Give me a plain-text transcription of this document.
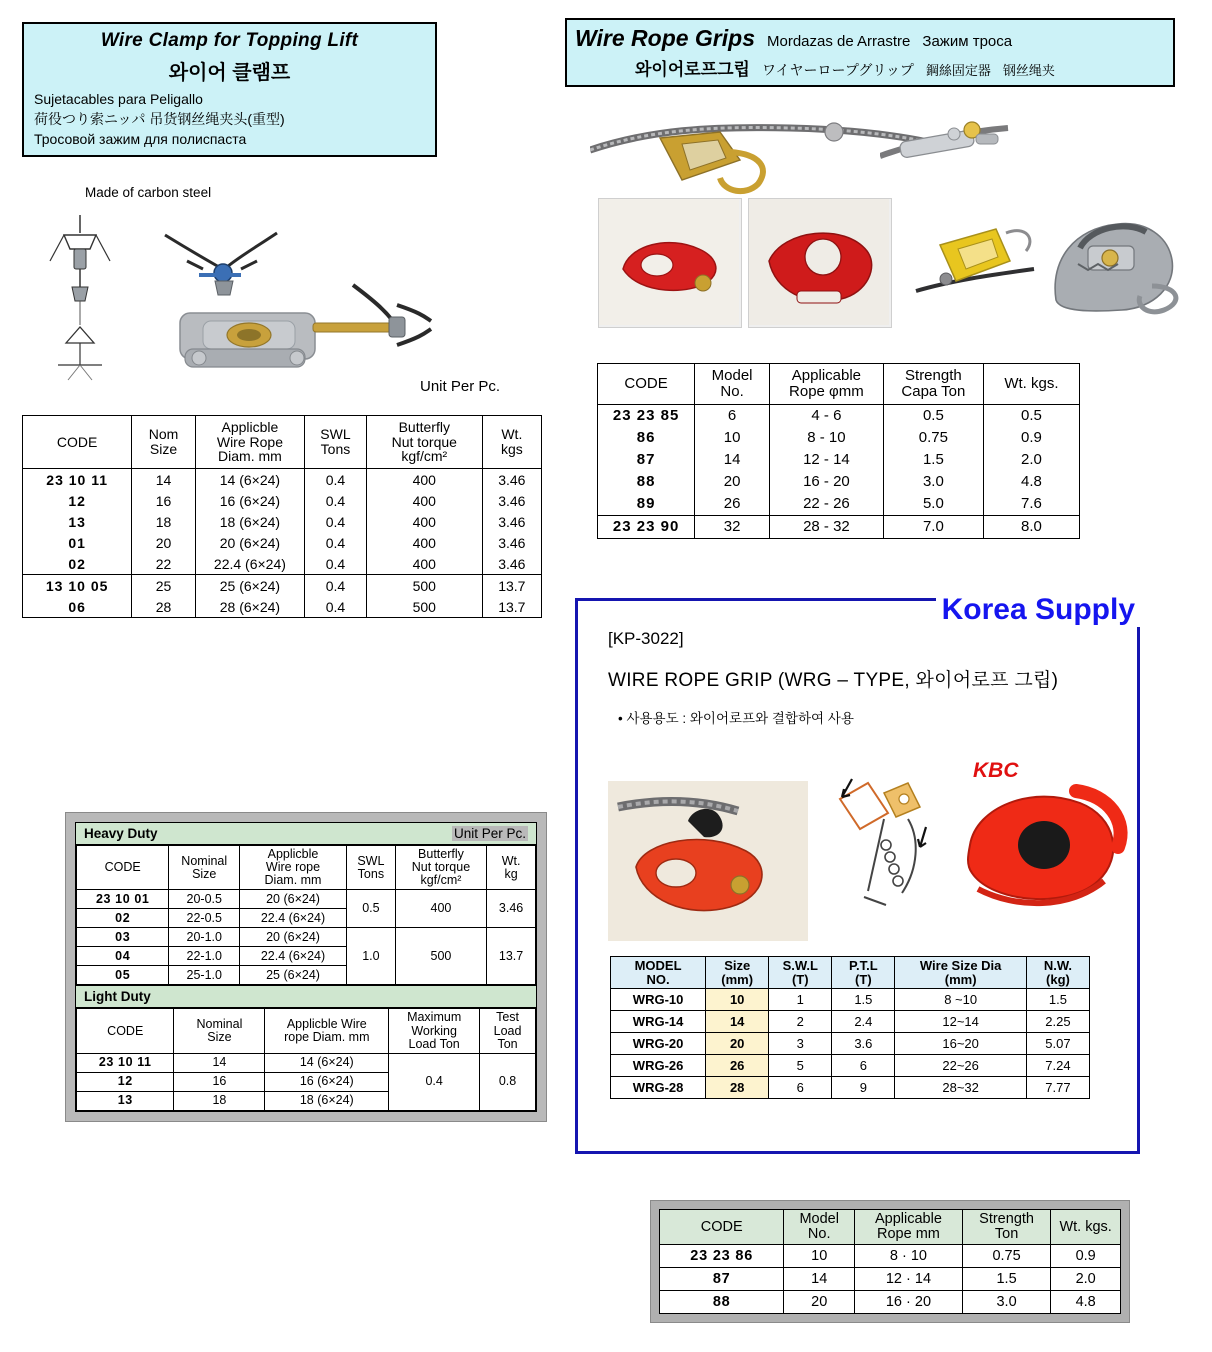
Wire Clamp for Topping Lift
와이어 클램프
Sujetacables para Peligallo
荷役つり索ニッパ 吊货钢丝绳夹头(重型)
Тросовой зажим для полиспаста
Made of carbon steel
Unit Per Pc.
CODE	Nom
Size

Applicble
Wire Rope
Diam. mm

SWL
Tons

Butterfly
Nut torque
kgf/cm²

Wt.
kgs

23 10 11	14	14 (6×24)	0.4	400	3.46
12	16	16 (6×24)	0.4	400	3.46
13	18	18 (6×24)	0.4	400	3.46
01	20	20 (6×24)	0.4	400	3.46
02	22	22.4 (6×24)	0.4	400	3.46
13 10 05	25	25 (6×24)	0.4	500	13.7
06	28	28 (6×24)	0.4	500	13.7
Heavy Duty	Unit Per Pc.
CODE	Nominal
Size

Applicble
Wire rope
Diam. mm

SWL
Tons

Butterfly
Nut torque
kgf/cm²

Wt.
kg

23 10 01	20-0.5	20 (6×24)	0.5	400	3.46
02	22-0.5	22.4 (6×24)			
03	20-1.0	20 (6×24)	1.0	500	13.7
04	22-1.0	22.4 (6×24)			
05	25-1.0	25 (6×24)			
Light Duty
CODE	Nominal
Size

Applicble Wire
rope Diam. mm

Maximum
Working
Load Ton

Test
Load
Ton

23 10 11	14	14 (6×24)	0.4	0.8
12	16	16 (6×24)		
13	18	18 (6×24)		
Wire Rope Grips Mordazas de Arrastre Зажим троса
와이어로프그립 ワイヤーロープグリップ 鋼絲固定器 钢丝绳夹
CODE	Model
No.

Applicable
Rope φmm

Strength
Capa Ton	Wt. kgs.

23 23 85	6	4 - 6	0.5	0.5
86	10	8 - 10	0.75	0.9
87	14	12 - 14	1.5	2.0
88	20	16 - 20	3.0	4.8
89	26	22 - 26	5.0	7.6
23 23 90	32	28 - 32	7.0	8.0
Korea Supply
[KP-3022]
WIRE ROPE GRIP (WRG – TYPE, 와이어로프 그립)
• 사용용도 : 와이어로프와 결합하여 사용
KBC
MODEL
NO.

Size
(mm)

S.W.L
(T)

P.T.L
(T)

Wire Size Dia
(mm)

N.W.
(kg)

WRG-10	10	1	1.5	8 ~10	1.5
WRG-14	14	2	2.4	12~14	2.25
WRG-20	20	3	3.6	16~20	5.07
WRG-26	26	5	6	22~26	7.24
WRG-28	28	6	9	28~32	7.77
CODE	Model
No.

Applicable
Rope mm

Strength
Ton	Wt. kgs.

23 23 86	10	8 · 10	0.75	0.9
87	14	12 · 14	1.5	2.0
88	20	16 · 20	3.0	4.8
